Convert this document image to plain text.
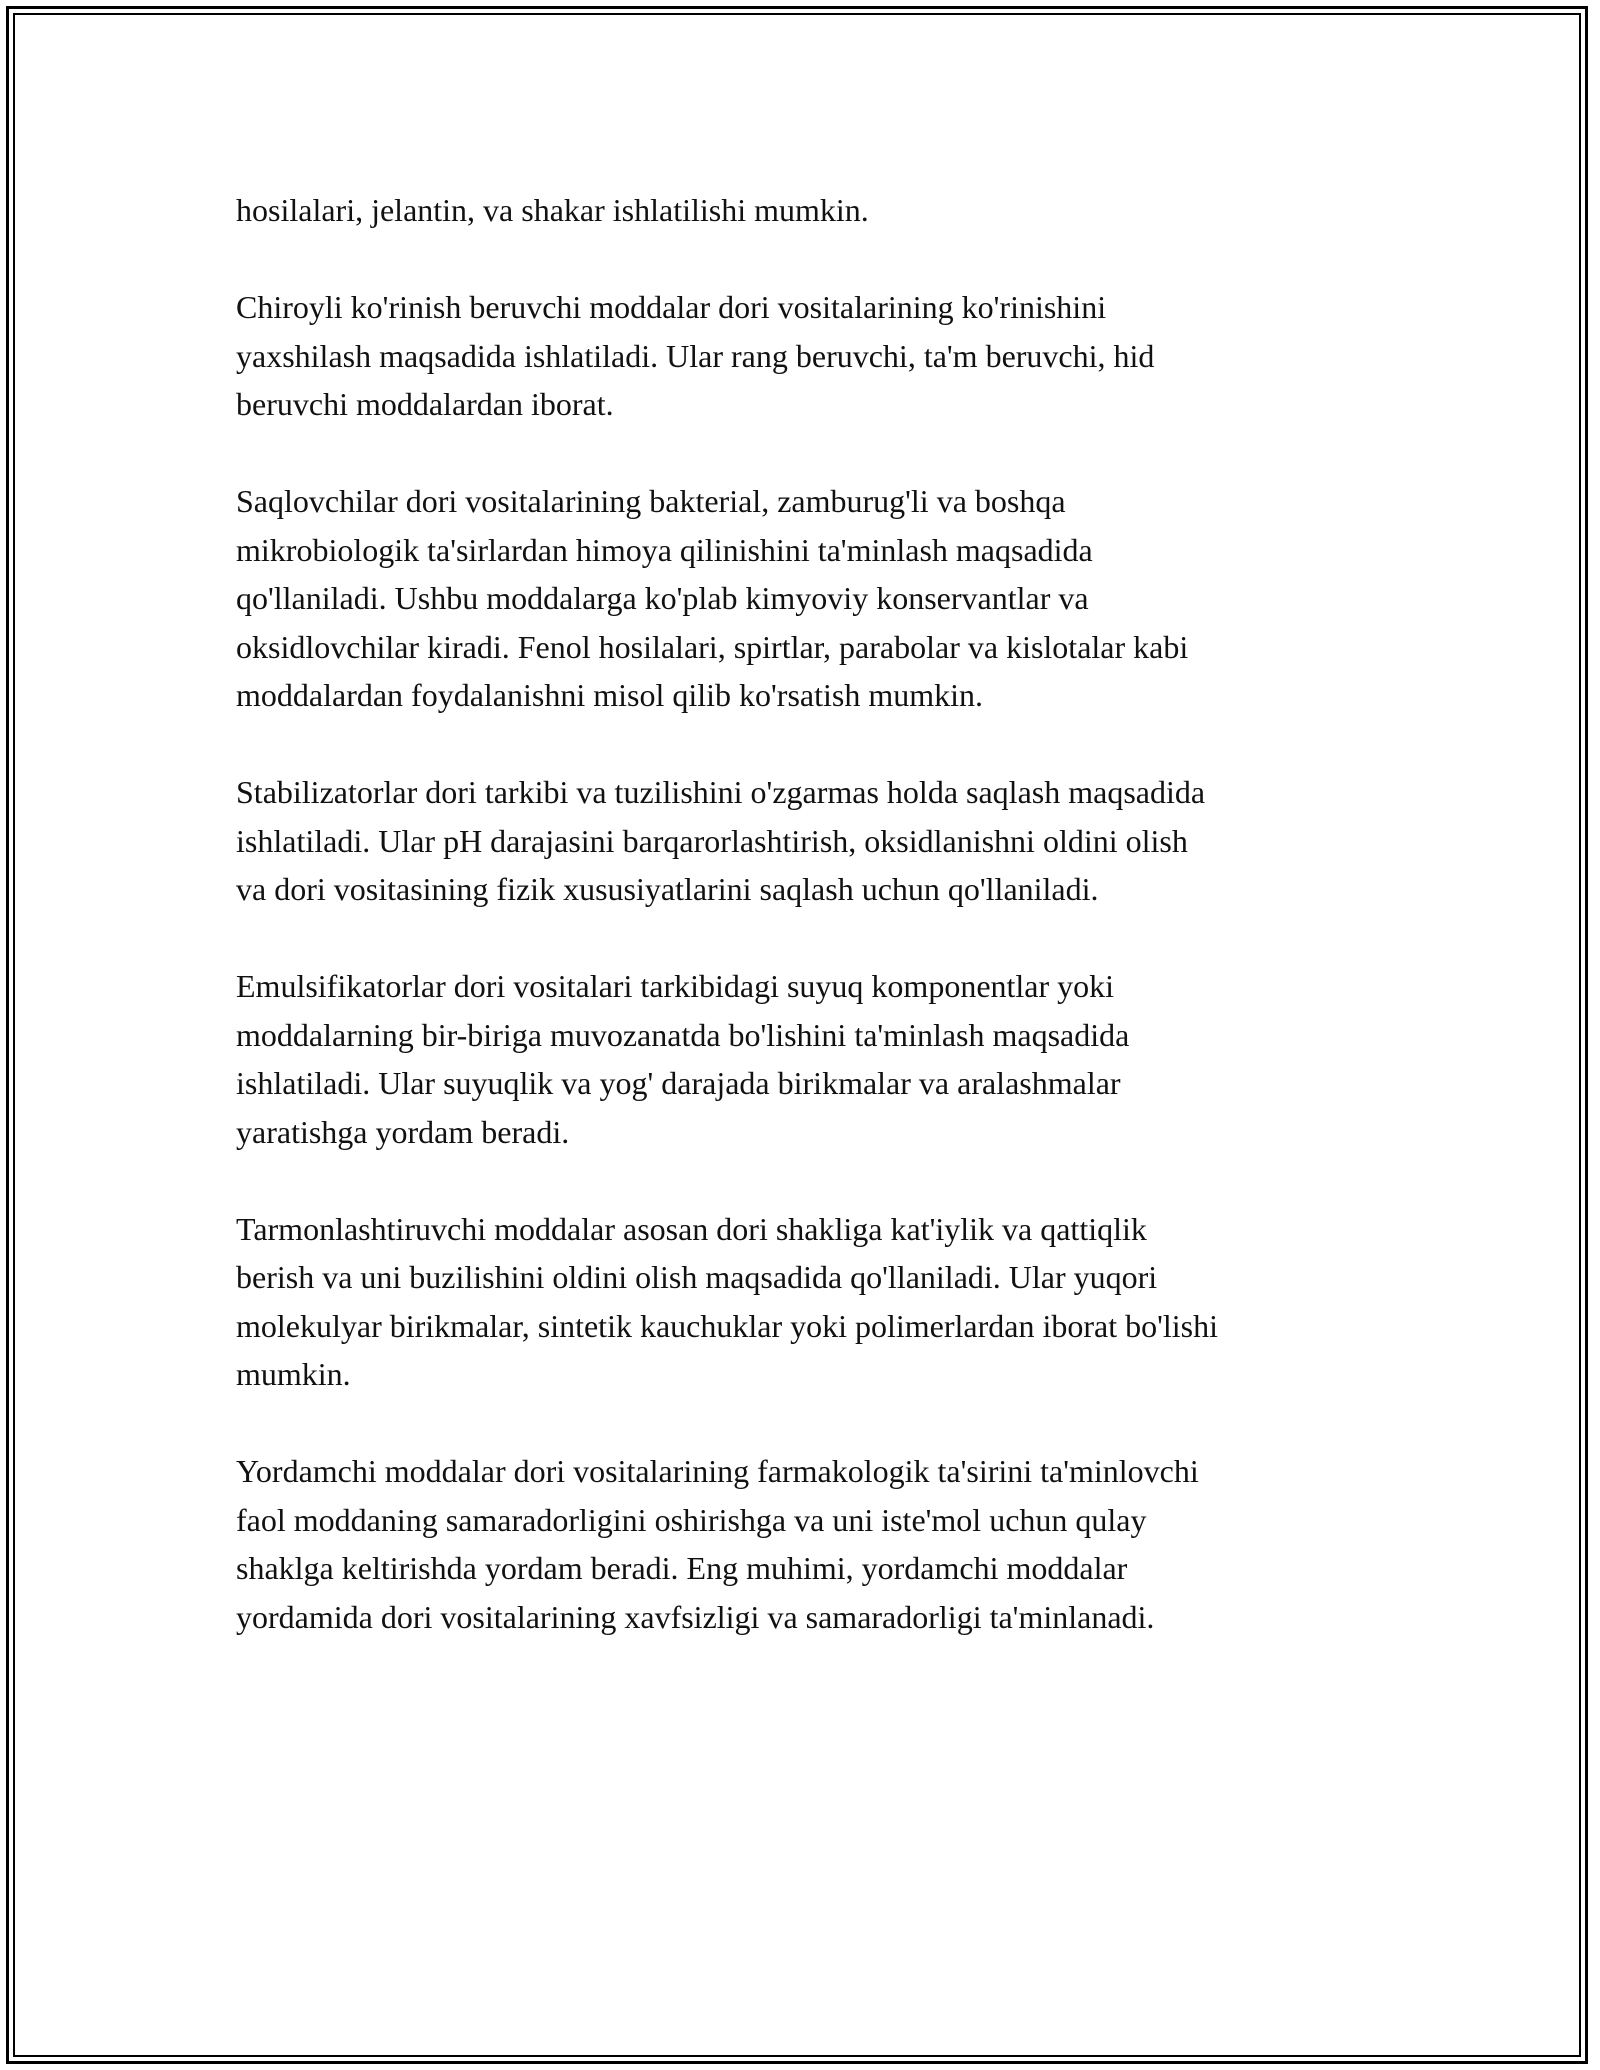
hosilalari, jelantin, va shakar ishlatilishi mumkin.

Chiroyli ko'rinish beruvchi moddalar dori vositalarining ko'rinishini
yaxshilash maqsadida ishlatiladi. Ular rang beruvchi, ta'm beruvchi, hid
beruvchi moddalardan iborat.

Saqlovchilar dori vositalarining bakterial, zamburug'li va boshqa
mikrobiologik ta'sirlardan himoya qilinishini ta'minlash maqsadida
qo'llaniladi. Ushbu moddalarga ko'plab kimyoviy konservantlar va
oksidlovchilar kiradi. Fenol hosilalari, spirtlar, parabolar va kislotalar kabi
moddalardan foydalanishni misol qilib ko'rsatish mumkin.

Stabilizatorlar dori tarkibi va tuzilishini o'zgarmas holda saqlash maqsadida
ishlatiladi. Ular pH darajasini barqarorlashtirish, oksidlanishni oldini olish
va dori vositasining fizik xususiyatlarini saqlash uchun qo'llaniladi.

Emulsifikatorlar dori vositalari tarkibidagi suyuq komponentlar yoki
moddalarning bir-biriga muvozanatda bo'lishini ta'minlash maqsadida
ishlatiladi. Ular suyuqlik va yog' darajada birikmalar va aralashmalar
yaratishga yordam beradi.

Tarmonlashtiruvchi moddalar asosan dori shakliga kat'iylik va qattiqlik
berish va uni buzilishini oldini olish maqsadida qo'llaniladi. Ular yuqori
molekulyar birikmalar, sintetik kauchuklar yoki polimerlardan iborat bo'lishi
mumkin.

Yordamchi moddalar dori vositalarining farmakologik ta'sirini ta'minlovchi
faol moddaning samaradorligini oshirishga va uni iste'mol uchun qulay
shaklga keltirishda yordam beradi. Eng muhimi, yordamchi moddalar
yordamida dori vositalarining xavfsizligi va samaradorligi ta'minlanadi.
